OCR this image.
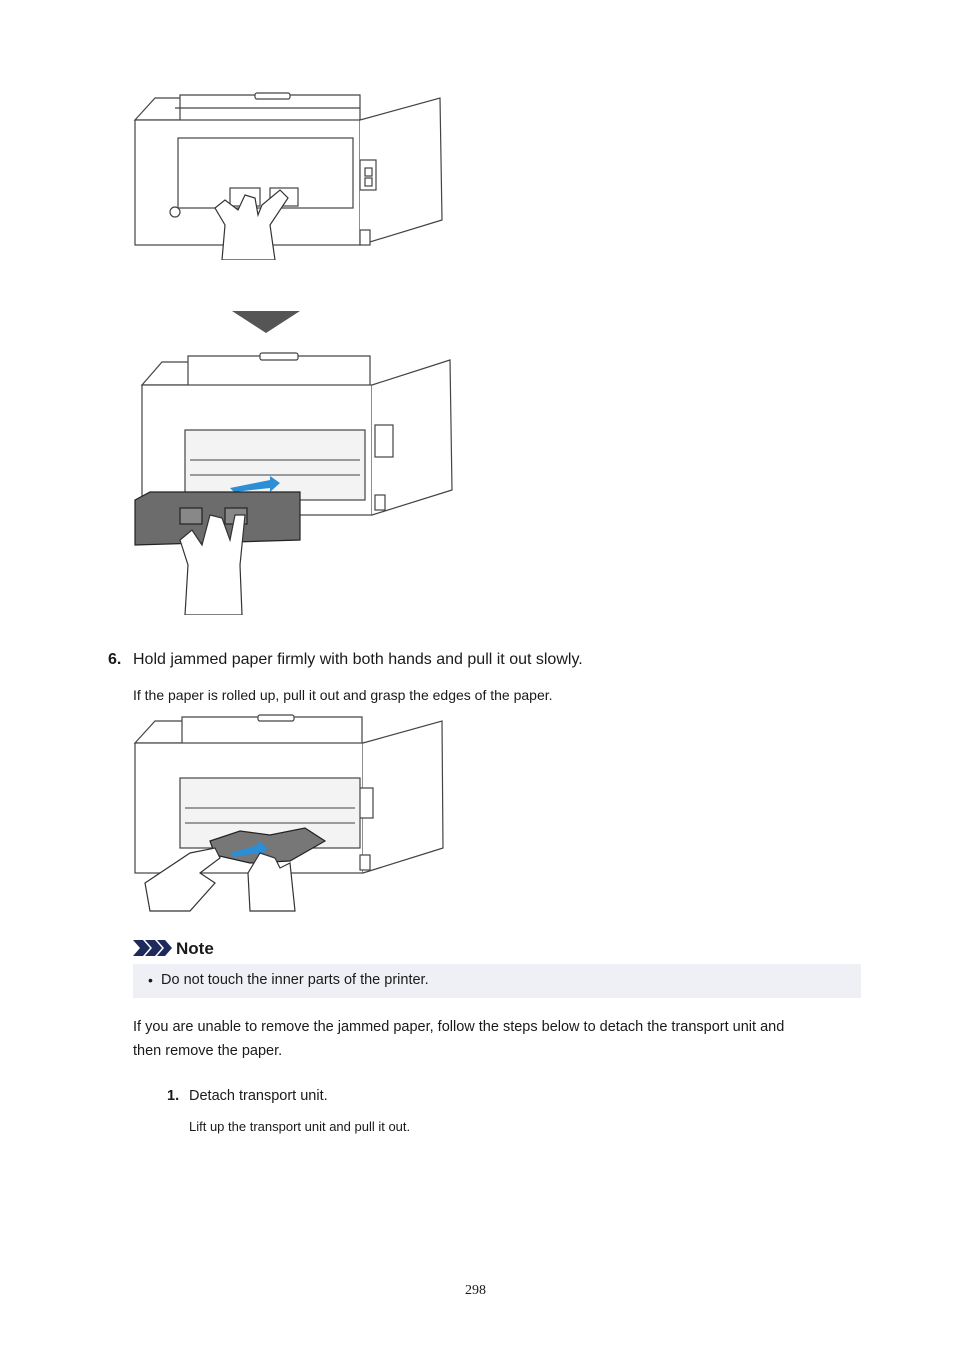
6. Hold jammed paper firmly with both hands and pull it out slowly.
If the paper is rolled up, pull it out and grasp the edges of the paper.
Note
• Do not touch the inner parts of the printer.
If you are unable to remove the jammed paper, follow the steps below to detach the transport unit and
then remove the paper.
1. Detach transport unit.
Lift up the transport unit and pull it out.
298
